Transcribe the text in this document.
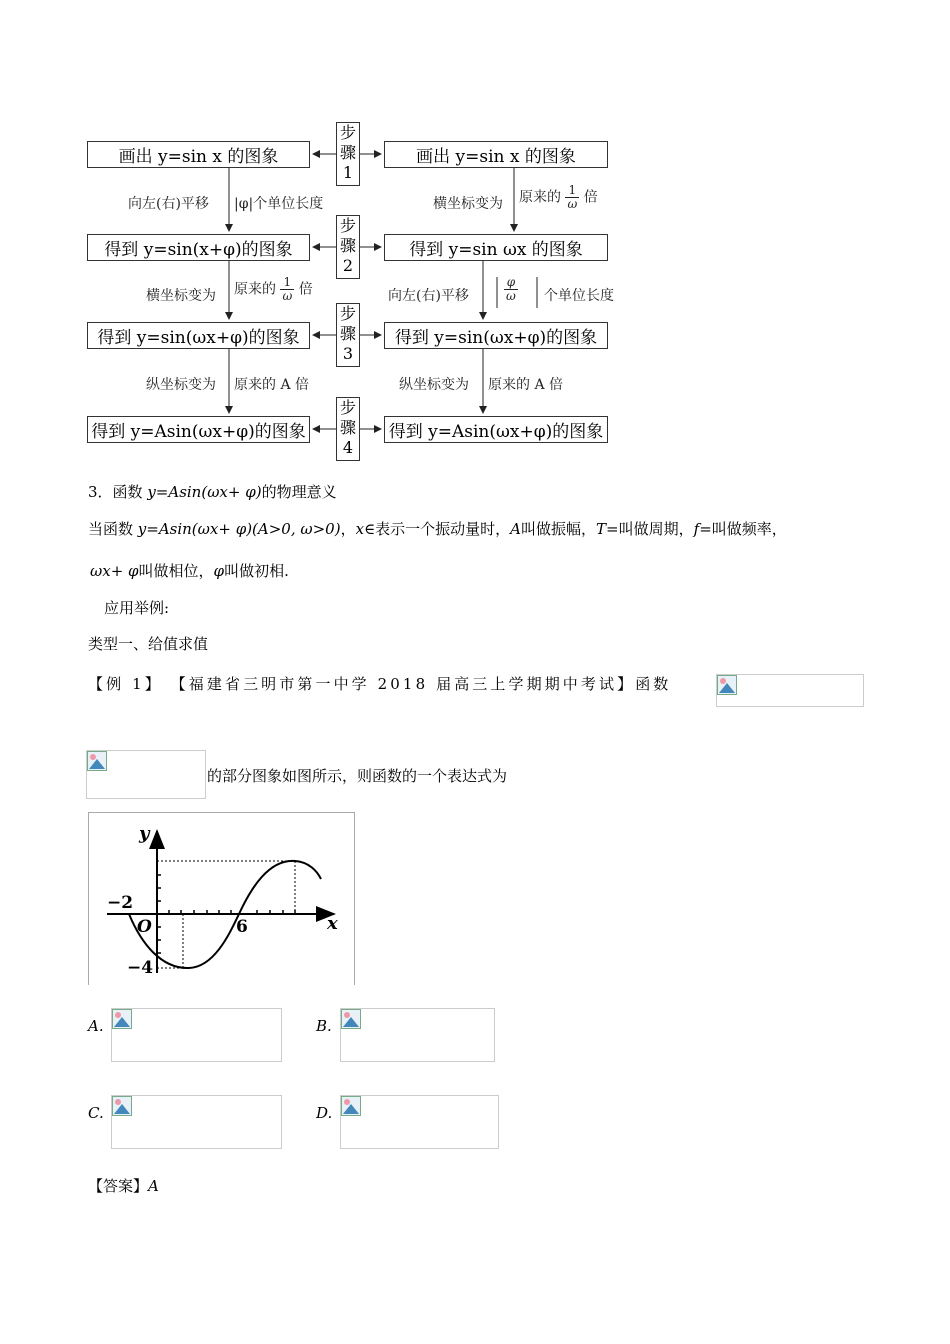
画出 y=sin x 的图象
得到 y=sin(x+φ)的图象
得到 y=sin(ωx+φ)的图象
得到 y=Asin(ωx+φ)的图象
画出 y=sin x 的图象
得到 y=sin ωx 的图象
得到 y=sin(ωx+φ)的图象
得到 y=Asin(ωx+φ)的图象
步
骤
1
步
骤
2
步
骤
3
步
骤
4
向左(右)平移 |φ|个单位长度
横坐标变为 原来的 $\frac{1}{\omega}$ 倍
纵坐标变为 原来的 A 倍
横坐标变为 原来的 $\frac{1}{\omega}$ 倍
向左(右)平移	$\frac{\varphi}{\omega}$ 个单位长度
纵坐标变为 原来的 A 倍
3．函数 y=Asin(ωx+ φ)的物理意义
当函数 y=Asin(ωx+ φ)(A>0, ω>0)，x∈表示一个振动量时，A叫做振幅，T=叫做周期，f=叫做频率，
ωx+ φ叫做相位，φ叫做初相.
应用举例:
类型一、给值求值
【例 1】 【福建省三明市第一中学 2018 届高三上学期期中考试】函数
的部分图象如图所示，则函数的一个表达式为
y
x
O
−2
6
−4
A.	B.
C.	D.
【答案】A
